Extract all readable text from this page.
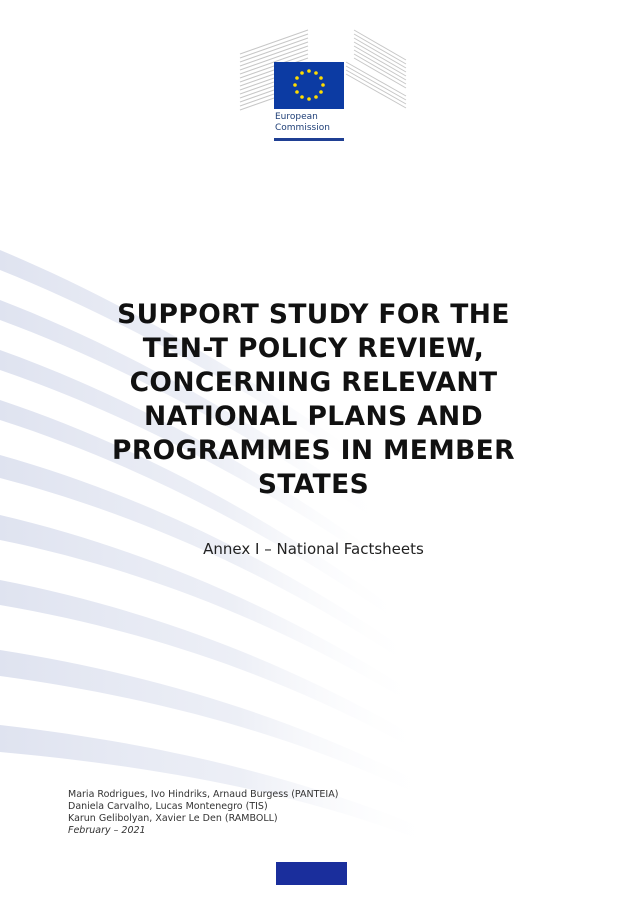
European
Commission
SUPPORT STUDY FOR THE
TEN-T POLICY REVIEW,
CONCERNING RELEVANT
NATIONAL PLANS AND
PROGRAMMES IN MEMBER
STATES
Annex I – National Factsheets
Maria Rodrigues, Ivo Hindriks, Arnaud Burgess (PANTEIA)
Daniela Carvalho, Lucas Montenegro (TIS)
Karun Gelibolyan, Xavier Le Den (RAMBOLL)
February – 2021
